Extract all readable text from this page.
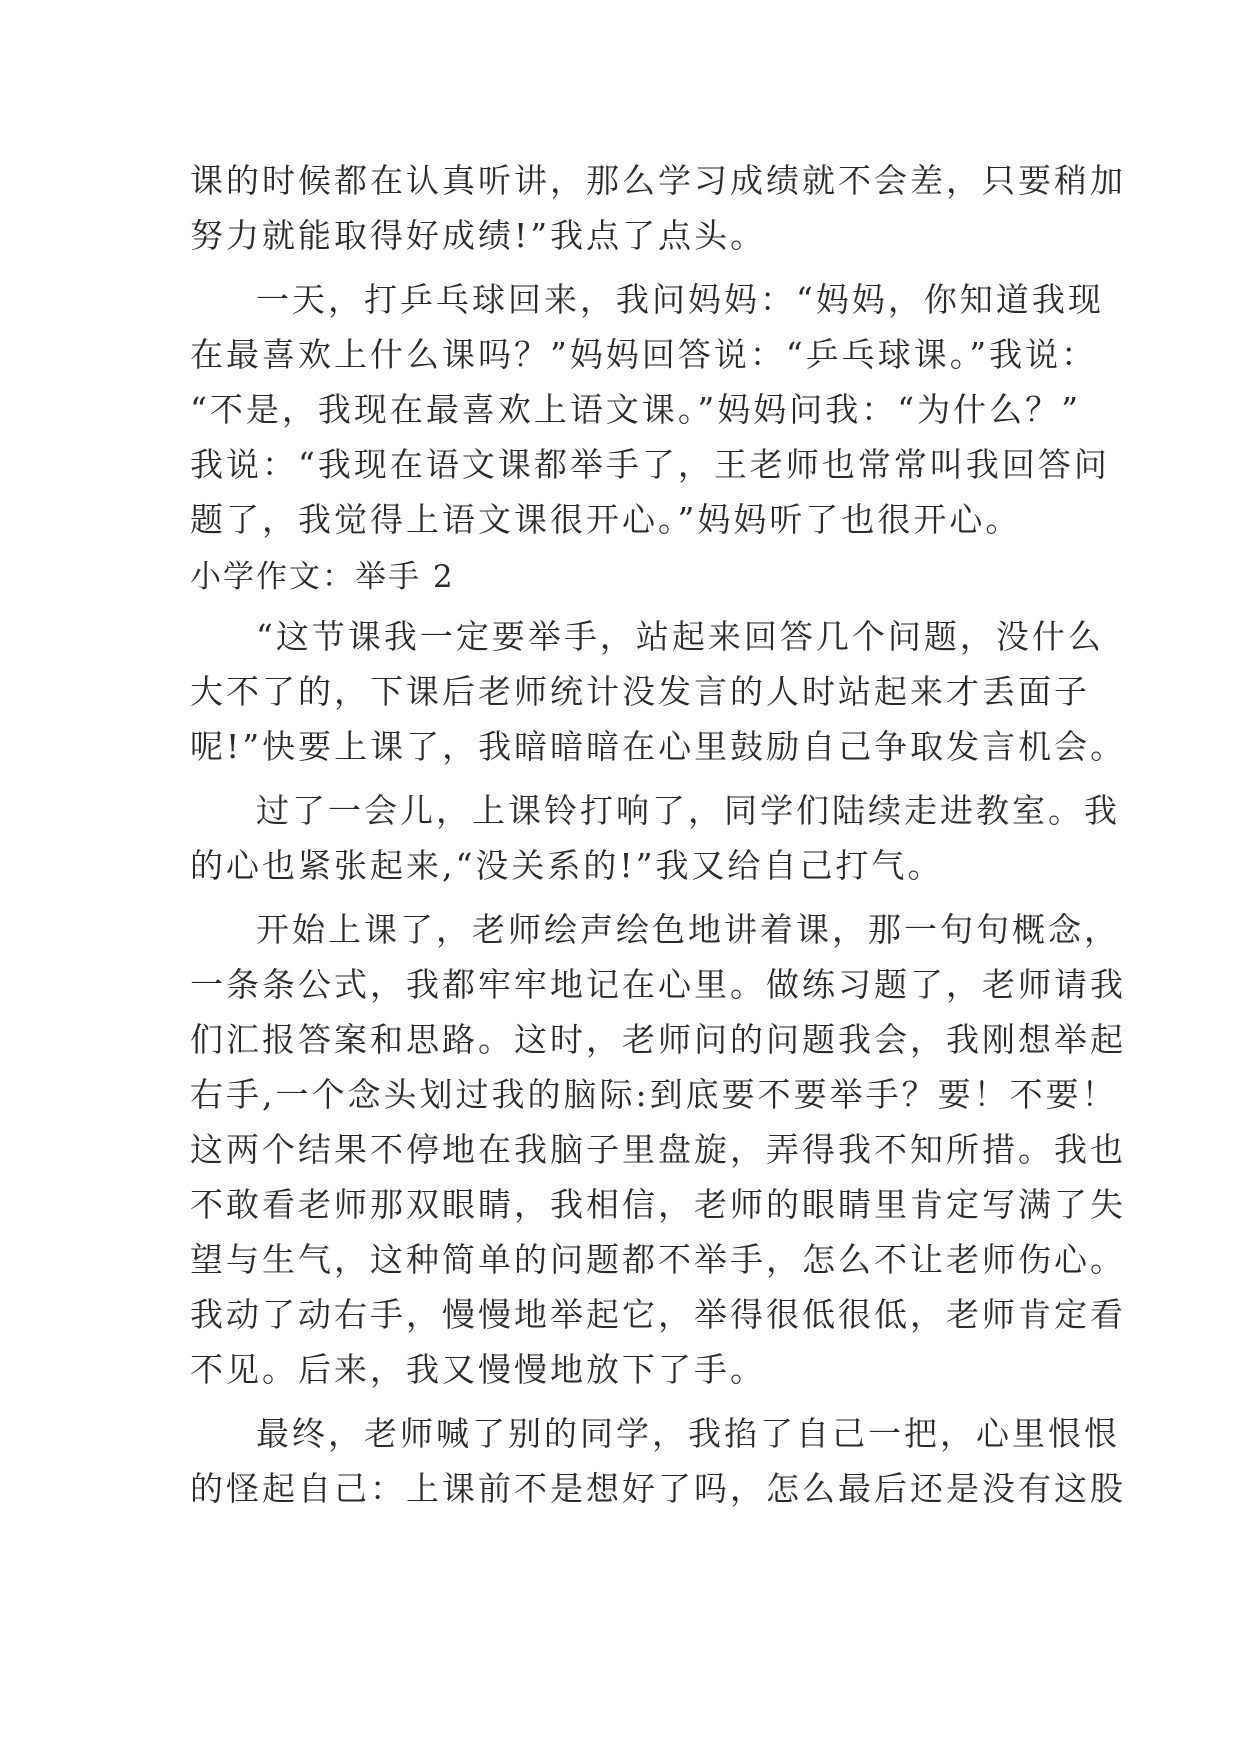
课的时候都在认真听讲，那么学习成绩就不会差，只要稍加
努力就能取得好成绩!”我点了点头。
一天，打乒乓球回来，我问妈妈：“妈妈，你知道我现
在最喜欢上什么课吗？”妈妈回答说：“乒乓球课。”我说：
“不是，我现在最喜欢上语文课。”妈妈问我：“为什么？”
我说：“我现在语文课都举手了，王老师也常常叫我回答问
题了，我觉得上语文课很开心。”妈妈听了也很开心。
小学作文：举手 2
“这节课我一定要举手，站起来回答几个问题，没什么
大不了的，下课后老师统计没发言的人时站起来才丢面子
呢!”快要上课了，我暗暗暗在心里鼓励自己争取发言机会。
过了一会儿，上课铃打响了，同学们陆续走进教室。我
的心也紧张起来,“没关系的!”我又给自己打气。
开始上课了，老师绘声绘色地讲着课，那一句句概念，
一条条公式，我都牢牢地记在心里。做练习题了，老师请我
们汇报答案和思路。这时，老师问的问题我会，我刚想举起
右手,一个念头划过我的脑际:到底要不要举手？要！不要！
这两个结果不停地在我脑子里盘旋，弄得我不知所措。我也
不敢看老师那双眼睛，我相信，老师的眼睛里肯定写满了失
望与生气，这种简单的问题都不举手，怎么不让老师伤心。
我动了动右手，慢慢地举起它，举得很低很低，老师肯定看
不见。后来，我又慢慢地放下了手。
最终，老师喊了别的同学，我掐了自己一把，心里恨恨
的怪起自己：上课前不是想好了吗，怎么最后还是没有这股
